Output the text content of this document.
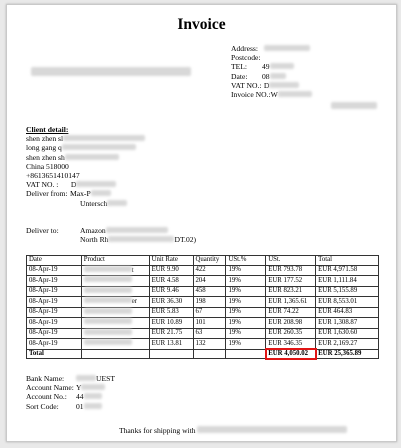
Invoice
Address:
Postcode:
TEL: 49
Date: 08
VAT NO.: D
Invoice NO.:W
Client detail:
shen zhen sl
long gang q
shen zhen sh
China 518000
+8613651410147
VAT NO. : D
Deliver from: Max-P
Untersch
Deliver to:	Amazon
North Rh	DT.02)
Date	Product	Unit Rate	Quantity	USt.%	USt.	Total
08-Apr-19	t	EUR 9.90	422	19%	EUR 793.78	EUR 4,971.58
08-Apr-19		EUR 4.58	204	19%	EUR 177.52	EUR 1,111.84
08-Apr-19		EUR 9.46	458	19%	EUR 823.21	EUR 5,155.89
08-Apr-19	er	EUR 36.30	198	19%	EUR 1,365.61	EUR 8,553.01
08-Apr-19		EUR 5.83	67	19%	EUR 74.22	EUR 464.83
08-Apr-19		EUR 10.89	101	19%	EUR 208.98	EUR 1,308.87
08-Apr-19		EUR 21.75	63	19%	EUR 260.35	EUR 1,630.60
08-Apr-19		EUR 13.81	132	19%	EUR 346.35	EUR 2,169.27
Total					EUR 4,050.02	EUR 25,365.89
Bank Name:	UEST
Account Name: Y
Account No.: 44
Sort Code: 01
Thanks for shipping with
